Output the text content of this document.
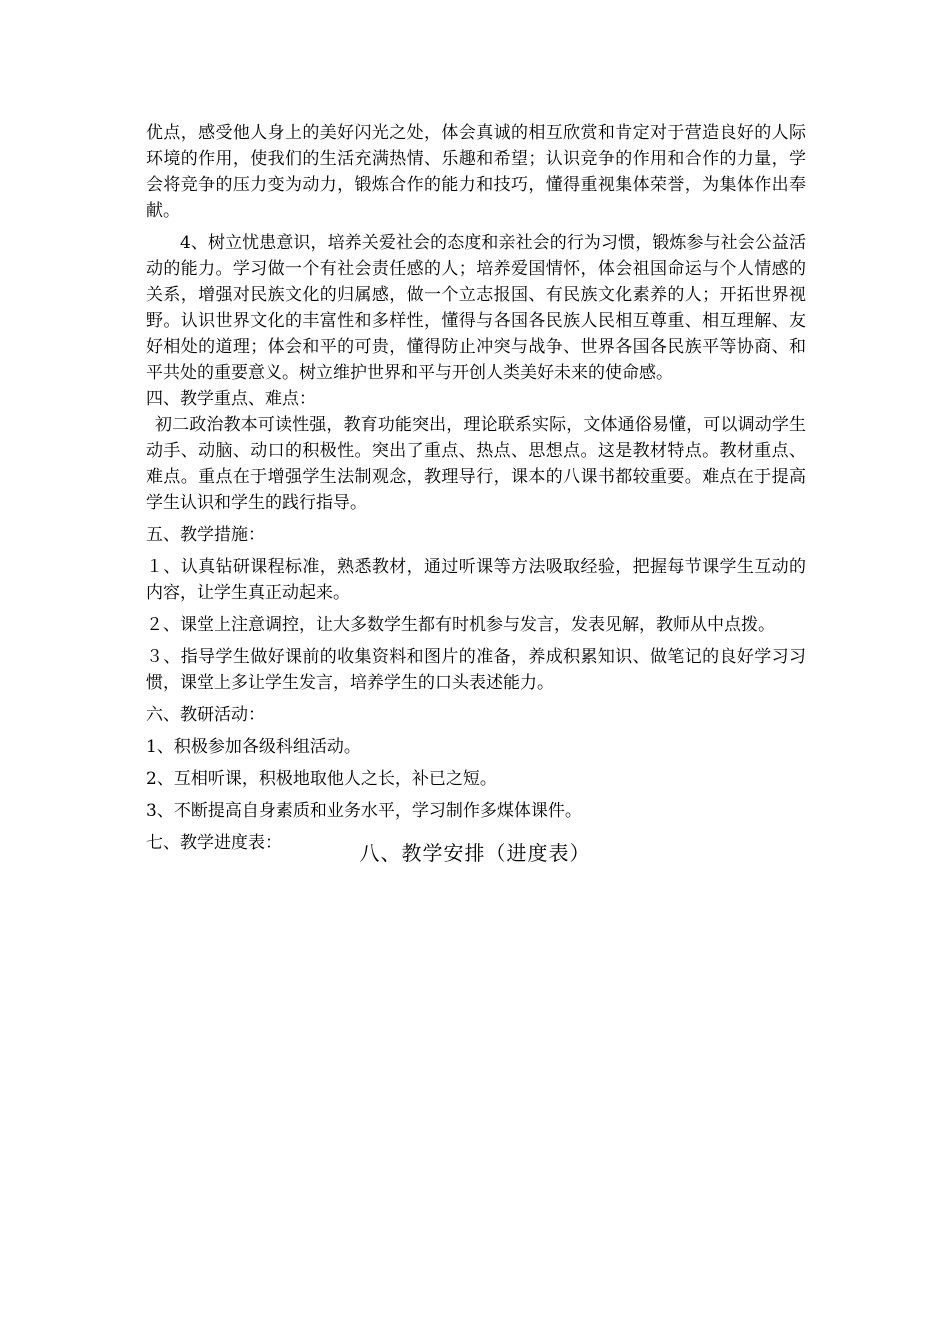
优点，感受他人身上的美好闪光之处，体会真诚的相互欣赏和肯定对于营造良好的人际环境的作用，使我们的生活充满热情、乐趣和希望；认识竞争的作用和合作的力量，学会将竞争的压力变为动力，锻炼合作的能力和技巧，懂得重视集体荣誉，为集体作出奉献。

4、树立忧患意识，培养关爱社会的态度和亲社会的行为习惯，锻炼参与社会公益活动的能力。学习做一个有社会责任感的人；培养爱国情怀，体会祖国命运与个人情感的关系，增强对民族文化的归属感，做一个立志报国、有民族文化素养的人；开拓世界视野。认识世界文化的丰富性和多样性，懂得与各国各民族人民相互尊重、相互理解、友好相处的道理；体会和平的可贵，懂得防止冲突与战争、世界各国各民族平等协商、和平共处的重要意义。树立维护世界和平与开创人类美好未来的使命感。

四、教学重点、难点：

初二政治教本可读性强，教育功能突出，理论联系实际，文体通俗易懂，可以调动学生动手、动脑、动口的积极性。突出了重点、热点、思想点。这是教材特点。教材重点、难点。重点在于增强学生法制观念，教理导行，课本的八课书都较重要。难点在于提高学生认识和学生的践行指导。

五、教学措施：

１、认真钻研课程标准，熟悉教材，通过听课等方法吸取经验，把握每节课学生互动的内容，让学生真正动起来。

２、课堂上注意调控，让大多数学生都有时机参与发言，发表见解，教师从中点拨。

３、指导学生做好课前的收集资料和图片的准备，养成积累知识、做笔记的良好学习习惯，课堂上多让学生发言，培养学生的口头表述能力。

六、教研活动：

1、积极参加各级科组活动。

2、互相听课，积极地取他人之长，补已之短。

3、不断提高自身素质和业务水平，学习制作多煤体课件。

七、教学进度表：	八、教学安排（进度表）
